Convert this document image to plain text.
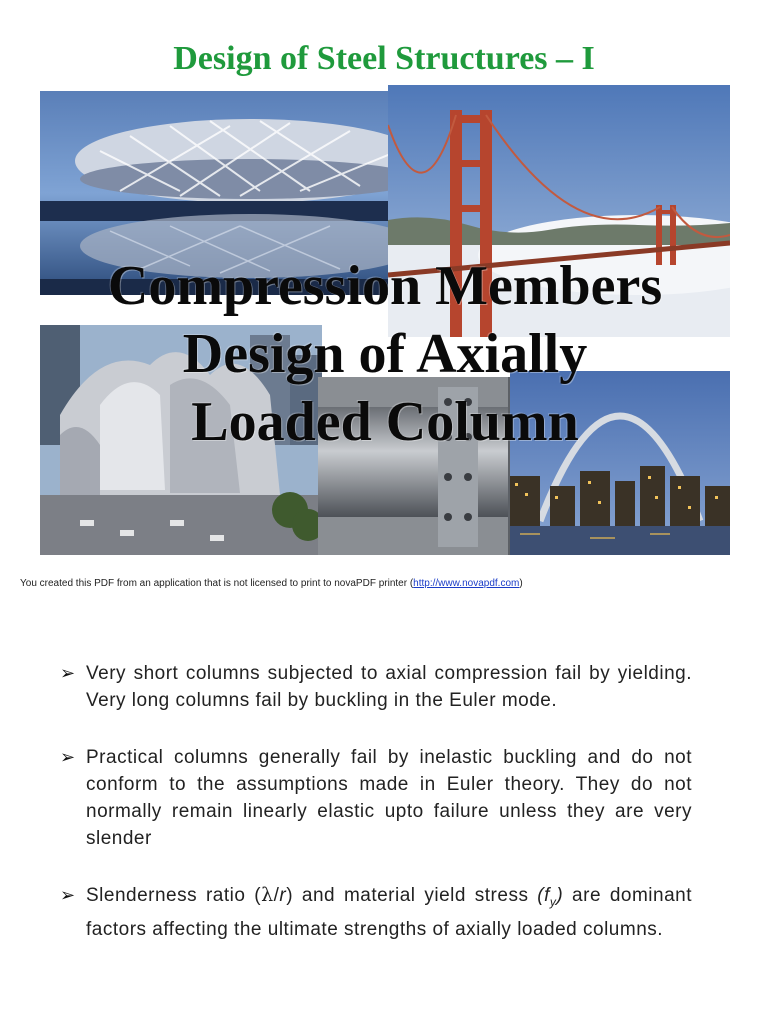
Design of Steel Structures – I
Compression Members
Design of Axially
Loaded Column
You created this PDF from an application that is not licensed to print to novaPDF printer (http://www.novapdf.com)
➢ Very short columns subjected to axial compression fail by yielding. Very long columns fail by buckling in the Euler mode.

➢ Practical columns generally fail by inelastic buckling and do not conform to the assumptions made in Euler theory. They do not normally remain linearly elastic upto failure unless they are very slender

➢ Slenderness ratio (λ/r) and material yield stress $(f_y)$ are dominant factors affecting the ultimate strengths of axially loaded columns.
